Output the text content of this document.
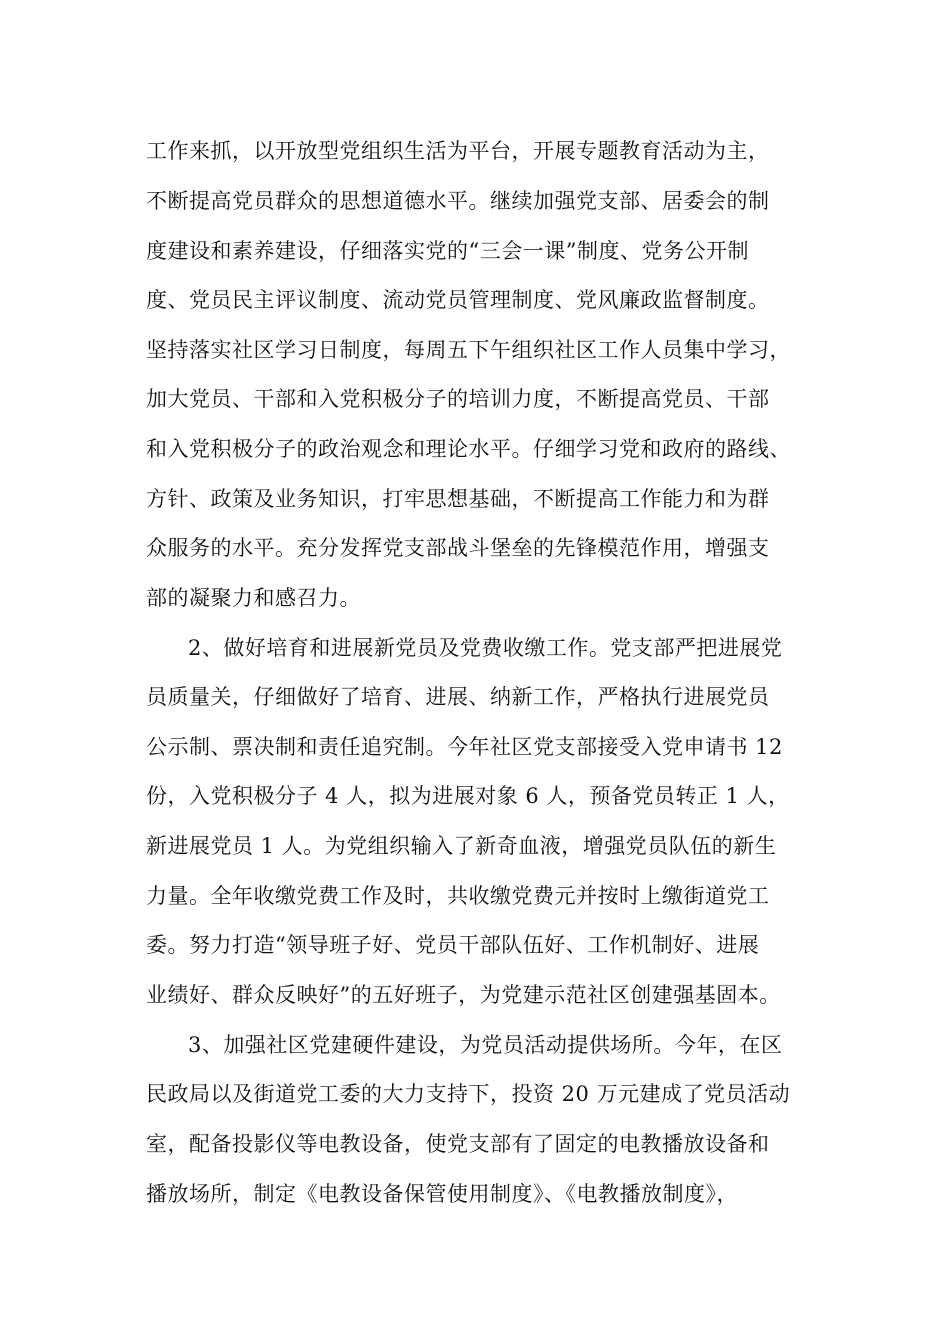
工作来抓，以开放型党组织生活为平台，开展专题教育活动为主，
不断提高党员群众的思想道德水平。继续加强党支部、居委会的制
度建设和素养建设，仔细落实党的“三会一课”制度、党务公开制
度、党员民主评议制度、流动党员管理制度、党风廉政监督制度。
坚持落实社区学习日制度，每周五下午组织社区工作人员集中学习，
加大党员、干部和入党积极分子的培训力度，不断提高党员、干部
和入党积极分子的政治观念和理论水平。仔细学习党和政府的路线、
方针、政策及业务知识，打牢思想基础，不断提高工作能力和为群
众服务的水平。充分发挥党支部战斗堡垒的先锋模范作用，增强支
部的凝聚力和感召力。
2、做好培育和进展新党员及党费收缴工作。党支部严把进展党
员质量关，仔细做好了培育、进展、纳新工作，严格执行进展党员
公示制、票决制和责任追究制。今年社区党支部接受入党申请书 12
份，入党积极分子 4 人，拟为进展对象 6 人，预备党员转正 1 人，
新进展党员 1 人。为党组织输入了新奇血液，增强党员队伍的新生
力量。全年收缴党费工作及时，共收缴党费元并按时上缴街道党工
委。努力打造“领导班子好、党员干部队伍好、工作机制好、进展
业绩好、群众反映好”的五好班子，为党建示范社区创建强基固本。
3、加强社区党建硬件建设，为党员活动提供场所。今年，在区
民政局以及街道党工委的大力支持下，投资 20 万元建成了党员活动
室，配备投影仪等电教设备，使党支部有了固定的电教播放设备和
播放场所，制定《电教设备保管使用制度》、《电教播放制度》，
